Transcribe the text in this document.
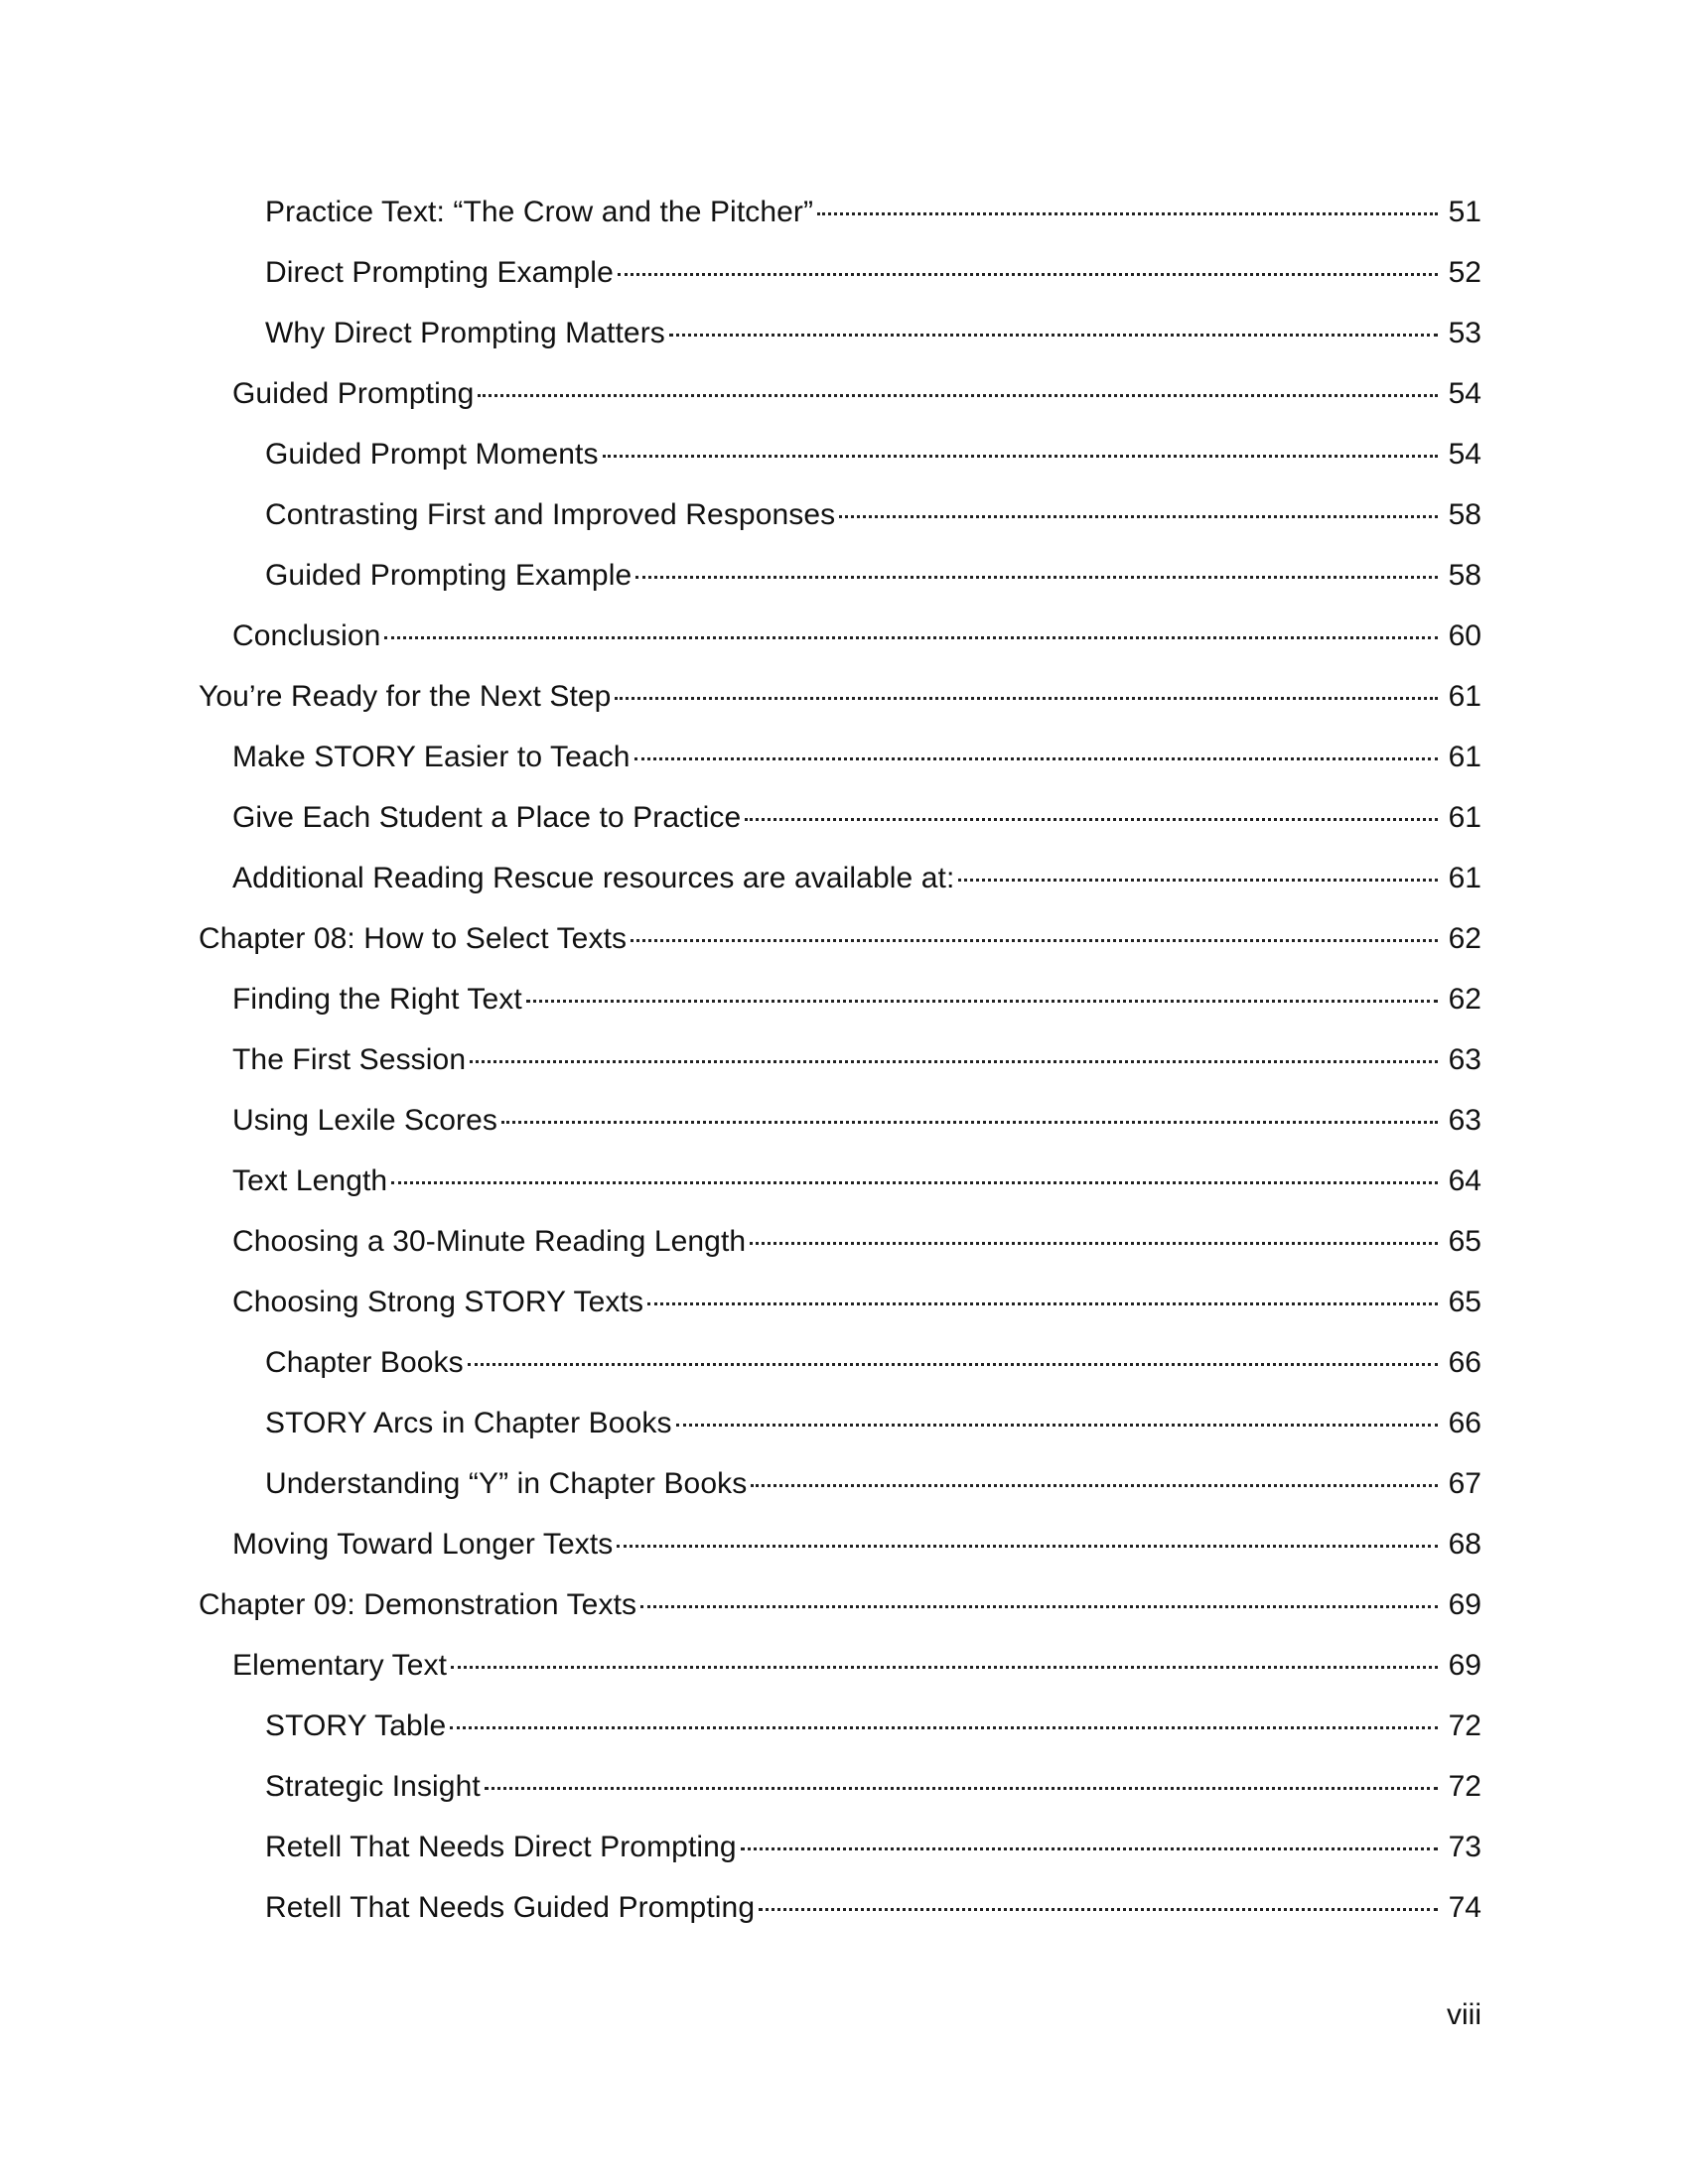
Practice Text: “The Crow and the Pitcher”	51
Direct Prompting Example	52
Why Direct Prompting Matters	53
Guided Prompting	54
Guided Prompt Moments	54
Contrasting First and Improved Responses	58
Guided Prompting Example	58
Conclusion	60
You’re Ready for the Next Step	61
Make STORY Easier to Teach	61
Give Each Student a Place to Practice	61
Additional Reading Rescue resources are available at:	61
Chapter 08: How to Select Texts	62
Finding the Right Text	62
The First Session	63
Using Lexile Scores	63
Text Length	64
Choosing a 30-Minute Reading Length	65
Choosing Strong STORY Texts	65
Chapter Books	66
STORY Arcs in Chapter Books	66
Understanding “Y” in Chapter Books	67
Moving Toward Longer Texts	68
Chapter 09: Demonstration Texts	69
Elementary Text	69
STORY Table	72
Strategic Insight	72
Retell That Needs Direct Prompting	73
Retell That Needs Guided Prompting	74
viii
